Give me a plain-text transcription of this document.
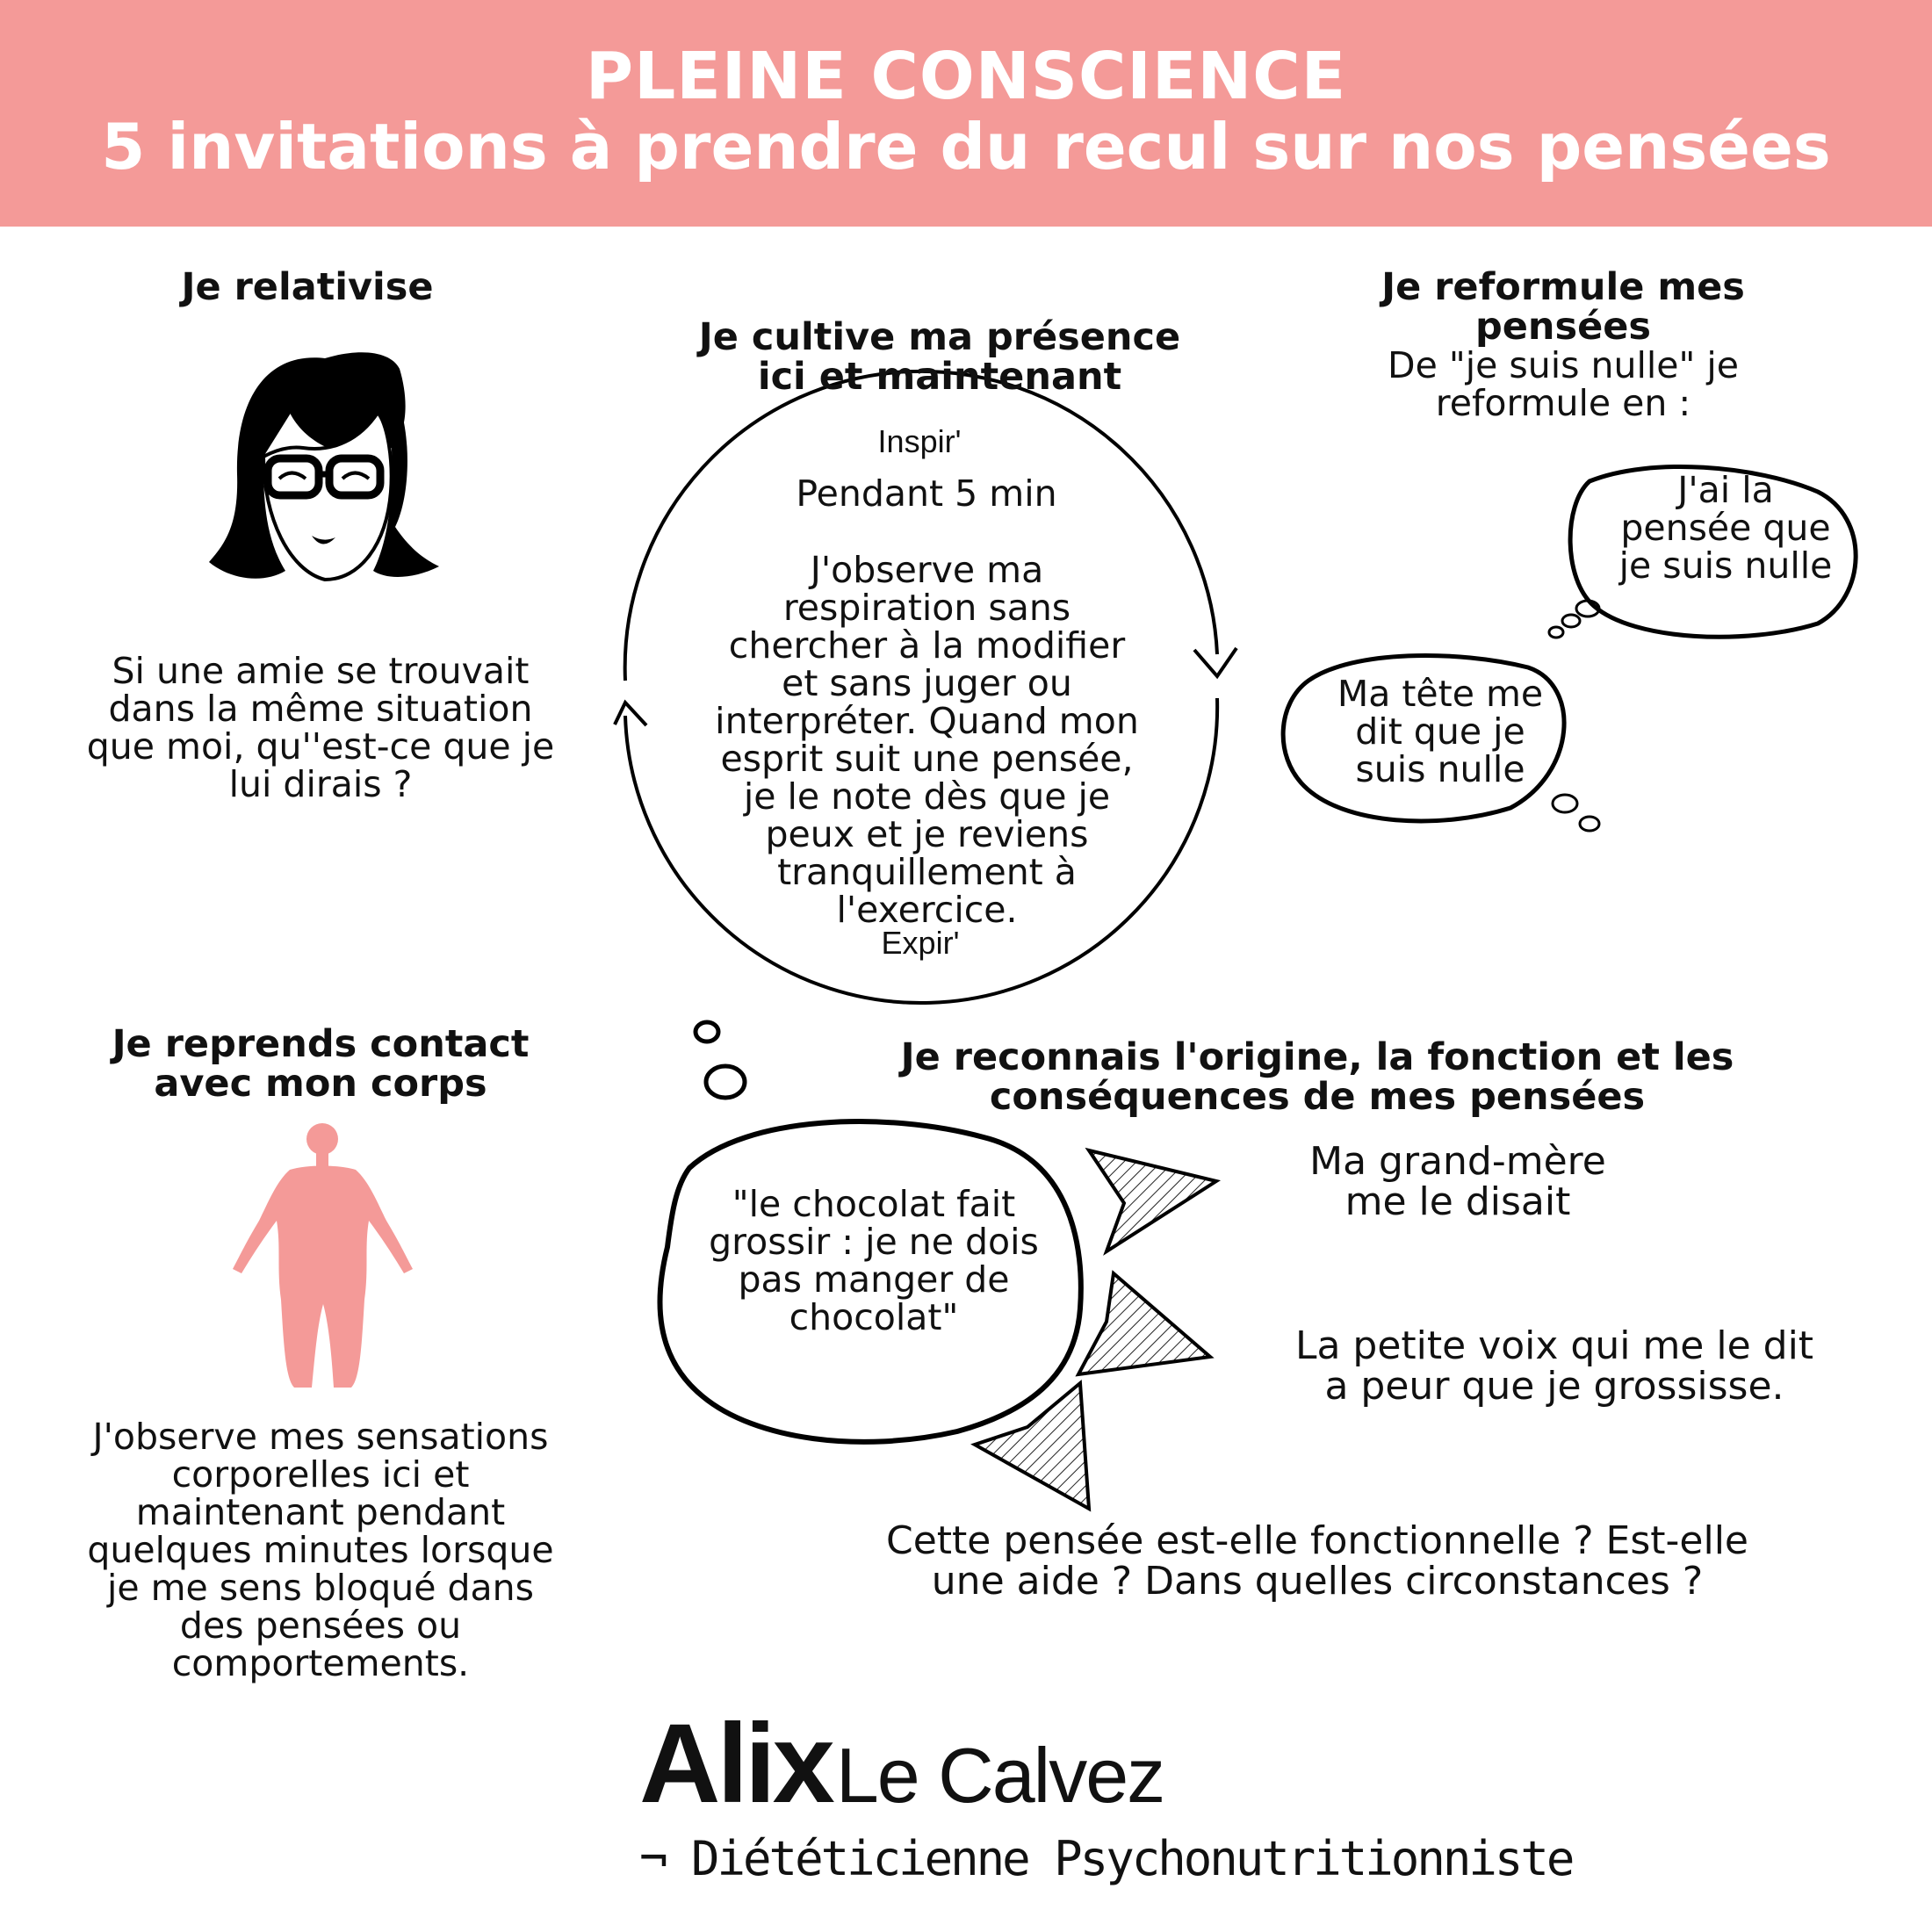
PLEINE CONSCIENCE
5 invitations à prendre du recul sur nos pensées
Je relativise
Si une amie se trouvait dans la même situation que moi, qu''est-ce que je lui dirais ?
Je cultive ma présence
ici et maintenant
Inspir'
Pendant 5 min
J'observe ma respiration sans chercher à la modifier et sans juger ou interpréter. Quand mon esprit suit une pensée, je le note dès que je peux et je reviens tranquillement à l'exercice.
Expir'
Je reformule mes pensées
De "je suis nulle" je reformule en :
J'ai la pensée que je suis nulle
Ma tête me dit que je suis nulle
Je reprends contact
avec mon corps
J'observe mes sensations corporelles ici et maintenant pendant quelques minutes lorsque je me sens bloqué dans des pensées ou comportements.
Je reconnais l'origine, la fonction et les
conséquences de mes pensées
"le chocolat fait grossir : je ne dois pas manger de chocolat"
Ma grand-mère
me le disait
La petite voix qui me le dit
a peur que je grossisse.
Cette pensée est-elle fonctionnelle ? Est-elle
une aide ? Dans quelles circonstances ?
Alix Le Calvez
¬ Diététicienne Psychonutritionniste
